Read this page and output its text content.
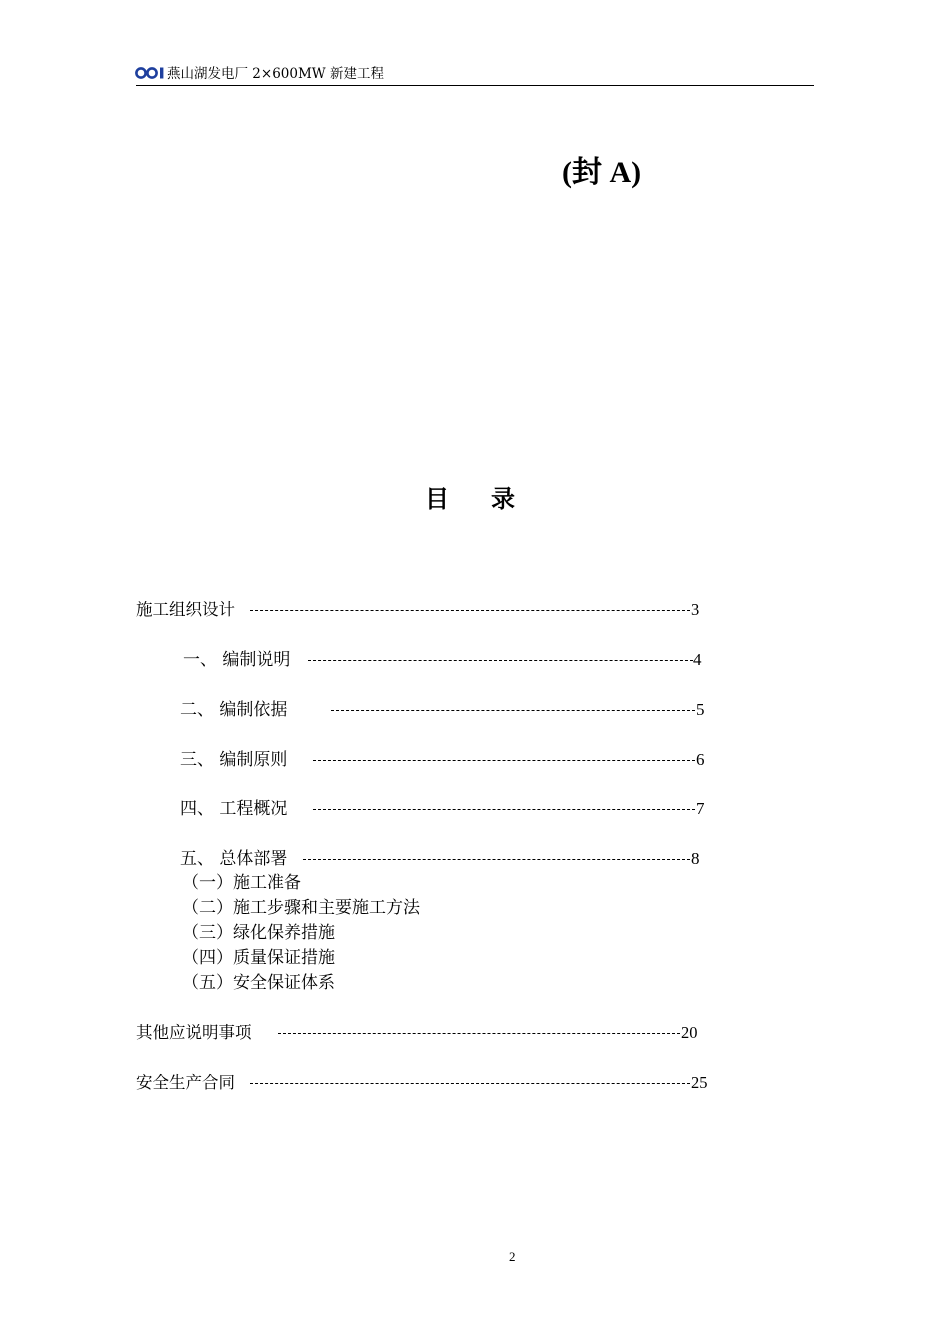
燕山湖发电厂 2×600MW 新建工程
(封 A)
目录
施工组织设计	3
一、 编制说明	4
二、 编制依据	5
三、 编制原则	6
四、 工程概况	7
五、 总体部署	8
（一）施工准备
（二）施工步骤和主要施工方法
（三）绿化保养措施
（四）质量保证措施
（五）安全保证体系
其他应说明事项	20
安全生产合同	25
2
